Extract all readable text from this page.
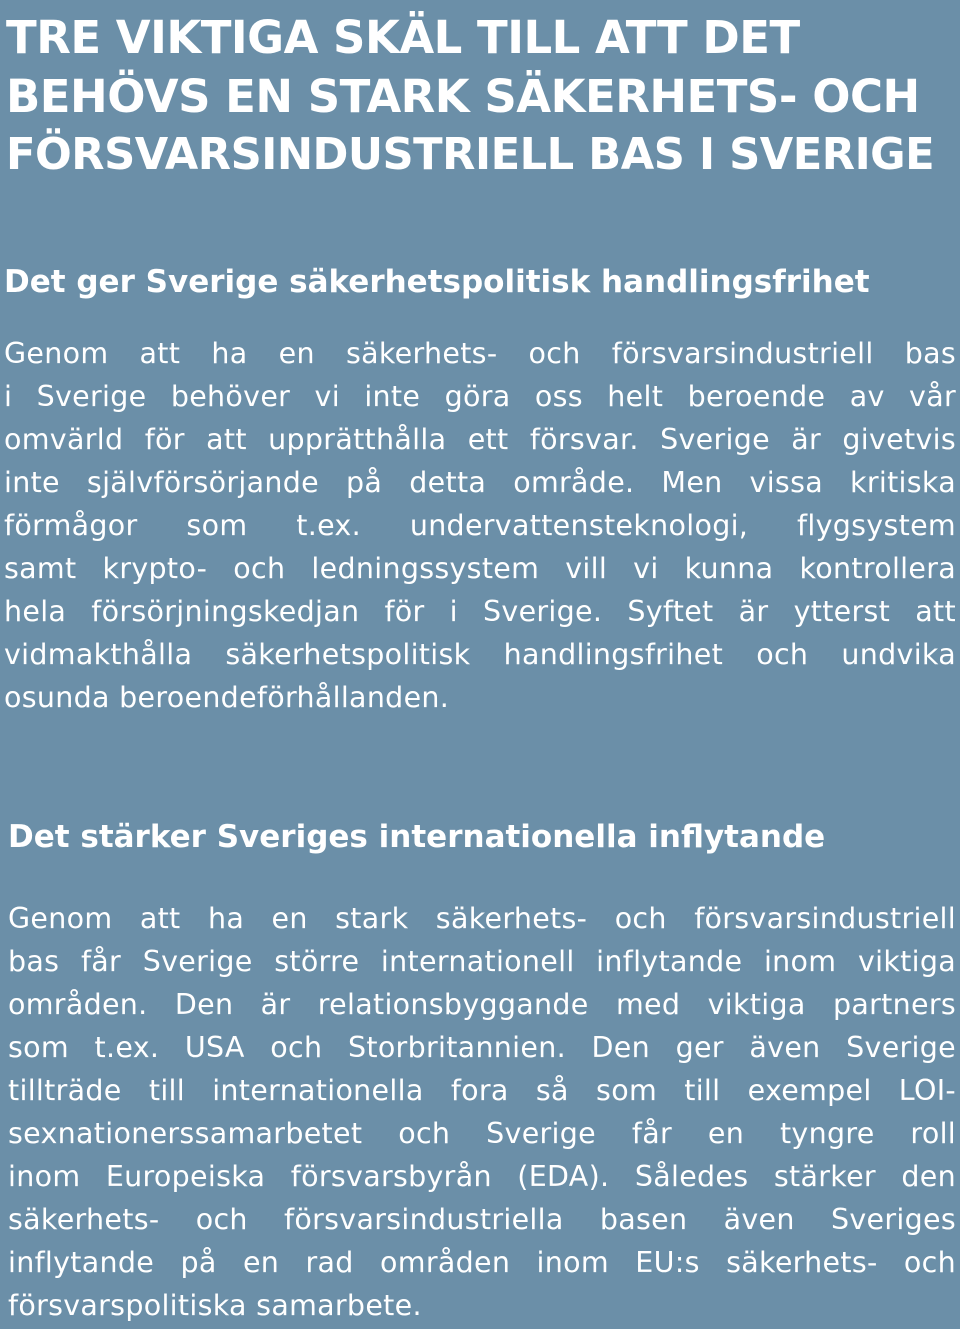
TRE VIKTIGA SKÄL TILL ATT DET
BEHÖVS EN STARK SÄKERHETS- OCH
FÖRSVARSINDUSTRIELL BAS I SVERIGE
Det ger Sverige säkerhetspolitisk handlingsfrihet

Genom att ha en säkerhets- och försvarsindustriell bas
i Sverige behöver vi inte göra oss helt beroende av vår
omvärld för att upprätthålla ett försvar. Sverige är givetvis
inte självförsörjande på detta område. Men vissa kritiska
förmågor som t.ex. undervattensteknologi, flygsystem
samt krypto- och ledningssystem vill vi kunna kontrollera
hela försörjningskedjan för i Sverige. Syftet är ytterst att
vidmakthålla säkerhetspolitisk handlingsfrihet och undvika
osunda beroendeförhållanden.

Det stärker Sveriges internationella inflytande

Genom att ha en stark säkerhets- och försvarsindustriell
bas får Sverige större internationell inflytande inom viktiga
områden. Den är relationsbyggande med viktiga partners
som t.ex. USA och Storbritannien. Den ger även Sverige
tillträde till internationella fora så som till exempel LOI-
sexnationerssamarbetet och Sverige får en tyngre roll
inom Europeiska försvarsbyrån (EDA). Således stärker den
säkerhets- och försvarsindustriella basen även Sveriges
inflytande på en rad områden inom EU:s säkerhets- och
försvarspolitiska samarbete.
